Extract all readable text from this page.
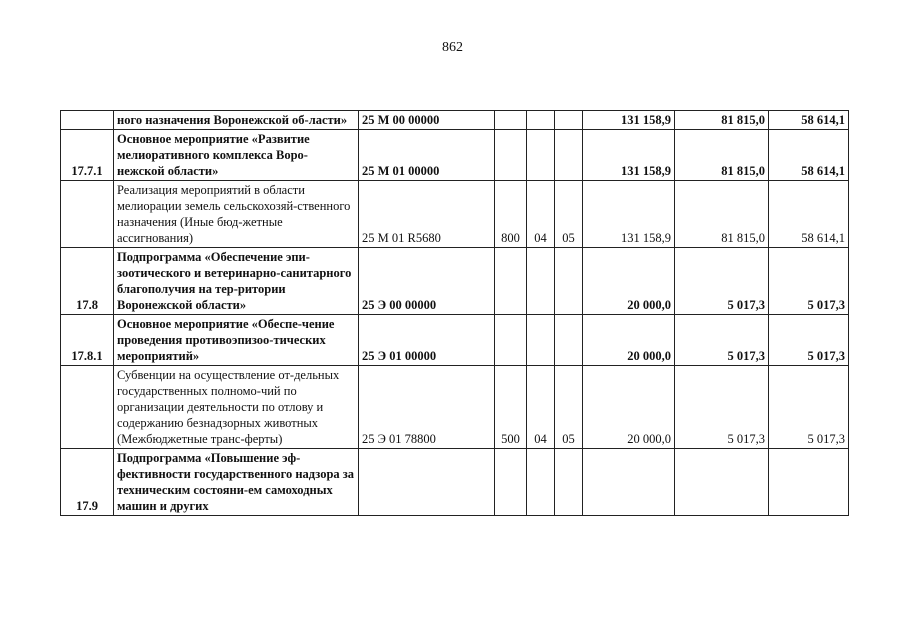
862
	ного назначения Воронежской об-ласти»	25 М 00 00000				131 158,9	81 815,0	58 614,1
17.7.1	Основное мероприятие «Развитие мелиоративного комплекса Воро-нежской области»	25 М 01 00000				131 158,9	81 815,0	58 614,1
	Реализация мероприятий в области мелиорации земель сельскохозяй-ственного назначения (Иные бюд-жетные ассигнования)	25 М 01 R5680	800	04	05	131 158,9	81 815,0	58 614,1
17.8	Подпрограмма «Обеспечение эпи-зоотического и ветеринарно-санитарного благополучия на тер-ритории Воронежской области»	25 Э 00 00000				20 000,0	5 017,3	5 017,3
17.8.1	Основное мероприятие «Обеспе-чение проведения противоэпизоо-тических мероприятий»	25 Э 01 00000				20 000,0	5 017,3	5 017,3
	Субвенции на осуществление от-дельных государственных полномо-чий по организации деятельности по отлову и содержанию безнадзорных животных (Межбюджетные транс-ферты)	25 Э 01 78800	500	04	05	20 000,0	5 017,3	5 017,3
17.9	Подпрограмма «Повышение эф-фективности государственного надзора за техническим состояни-ем самоходных машин и других							
